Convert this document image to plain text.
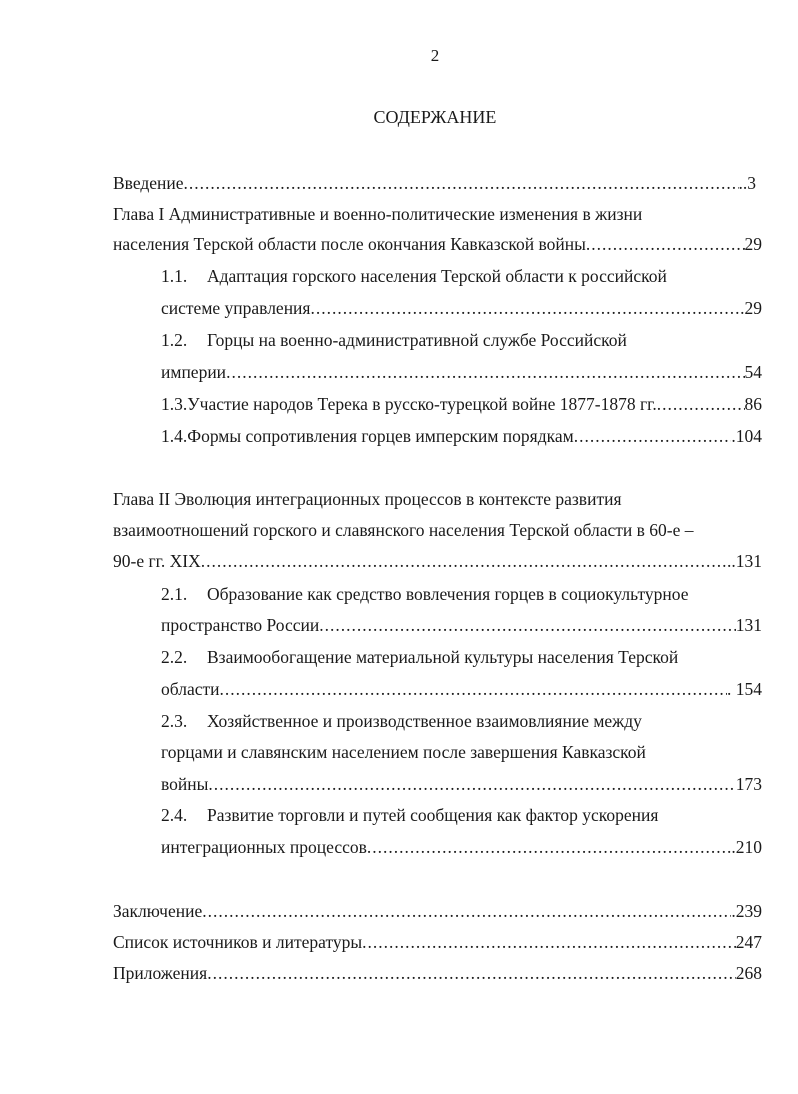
2
СОДЕРЖАНИЕ
Введение .....	..3
Глава I Административные и военно-политические изменения в жизни
населения Терской области после окончания Кавказской войны .....	29
1.1. Адаптация горского населения Терской области к российской
системе управления .....	.29
1.2. Горцы на военно-административной службе Российской
империи .....	54
1.3. Участие народов Терека в русско-турецкой войне 1877-1878 гг. .....	86
1.4. Формы сопротивления горцев имперским порядкам .....	.104
Глава II Эволюция интеграционных процессов в контексте развития
взаимоотношений горского и славянского населения Терской области в 60-е –
90-е гг. XIX .....	..131
2.1. Образование как средство вовлечения горцев в социокультурное
пространство России .....	131
2.2. Взаимообогащение материальной культуры населения Терской
области .....	. 154
2.3. Хозяйственное и производственное взаимовлияние между
горцами и славянским населением после завершения Кавказской
войны .....	173
2.4. Развитие торговли и путей сообщения как фактор ускорения
интеграционных процессов .....	.210
Заключение .....	.239
Список источников и литературы .....	247
Приложения .....	268
